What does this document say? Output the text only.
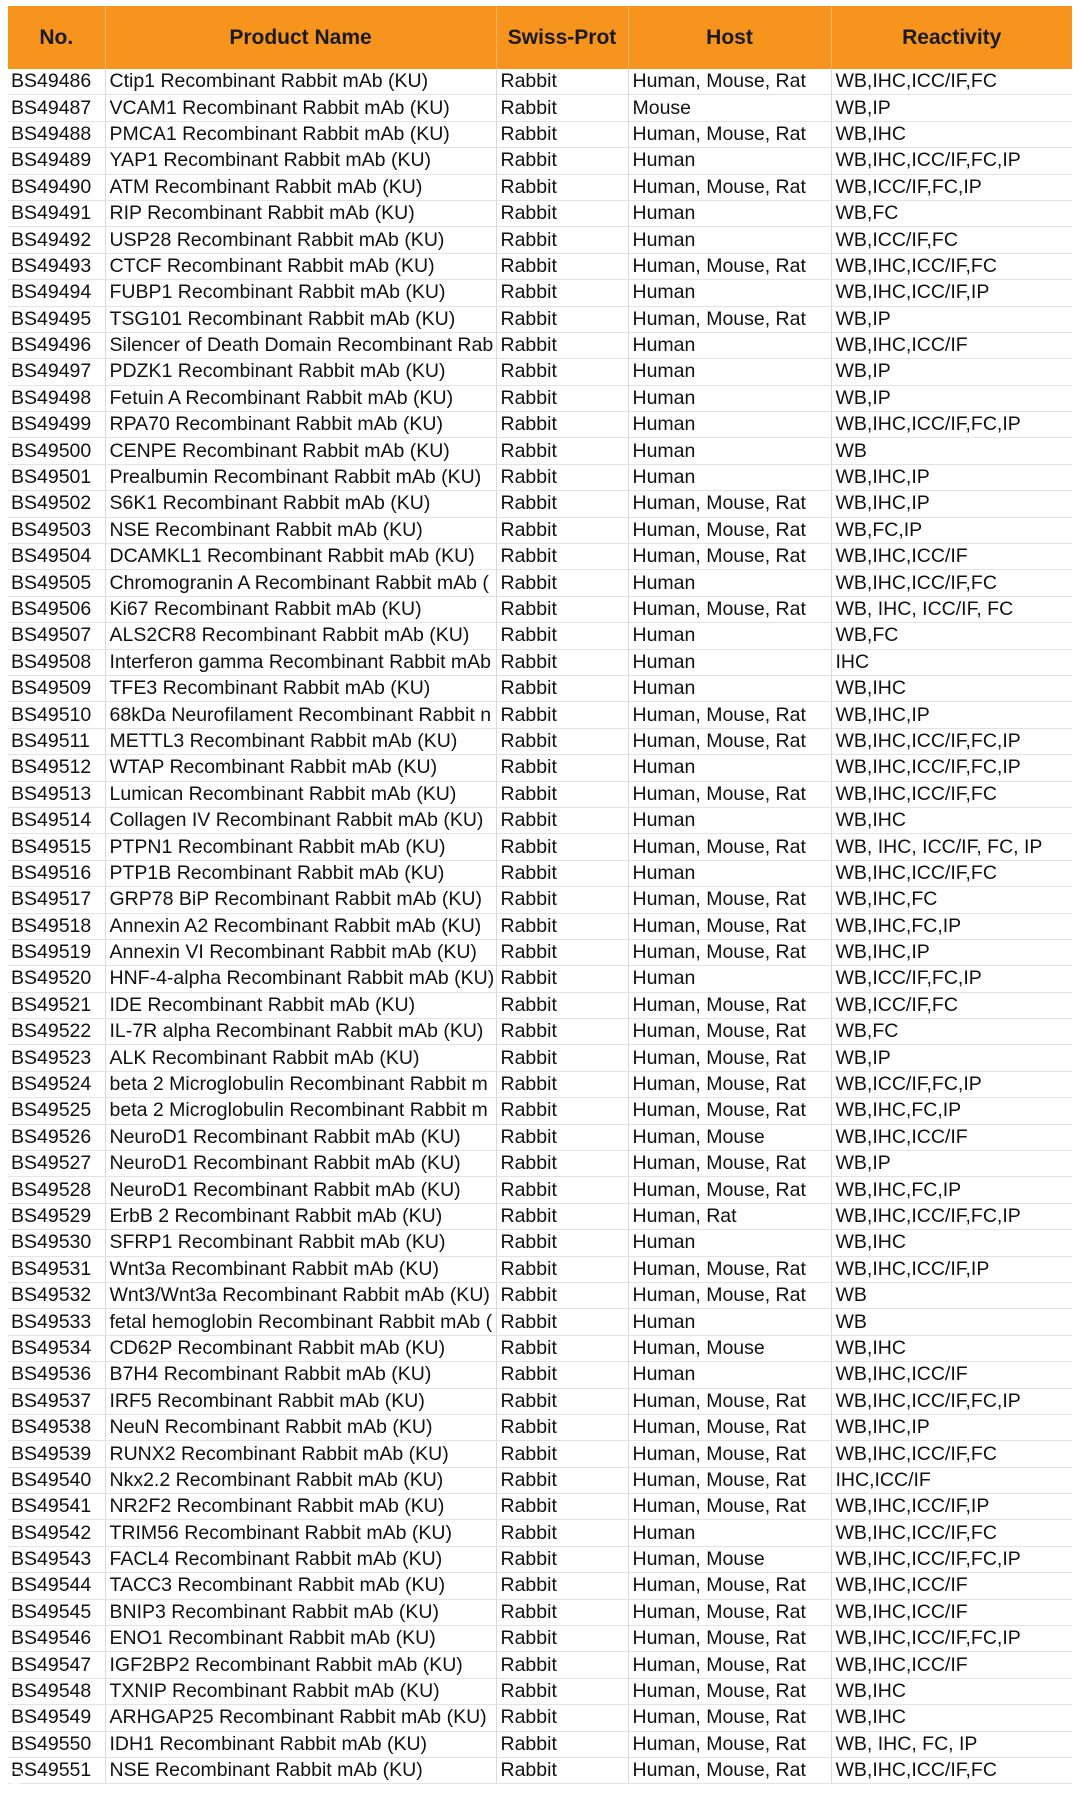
No.	Product Name	Swiss-Prot	Host	Reactivity
BS49486	Ctip1 Recombinant Rabbit mAb (KU)	Rabbit	Human, Mouse, Rat	WB,IHC,ICC/IF,FC
BS49487	VCAM1 Recombinant Rabbit mAb (KU)	Rabbit	Mouse	WB,IP
BS49488	PMCA1 Recombinant Rabbit mAb (KU)	Rabbit	Human, Mouse, Rat	WB,IHC
BS49489	YAP1 Recombinant Rabbit mAb (KU)	Rabbit	Human	WB,IHC,ICC/IF,FC,IP
BS49490	ATM Recombinant Rabbit mAb (KU)	Rabbit	Human, Mouse, Rat	WB,ICC/IF,FC,IP
BS49491	RIP Recombinant Rabbit mAb (KU)	Rabbit	Human	WB,FC
BS49492	USP28 Recombinant Rabbit mAb (KU)	Rabbit	Human	WB,ICC/IF,FC
BS49493	CTCF Recombinant Rabbit mAb (KU)	Rabbit	Human, Mouse, Rat	WB,IHC,ICC/IF,FC
BS49494	FUBP1 Recombinant Rabbit mAb (KU)	Rabbit	Human	WB,IHC,ICC/IF,IP
BS49495	TSG101 Recombinant Rabbit mAb (KU)	Rabbit	Human, Mouse, Rat	WB,IP
BS49496	Silencer of Death Domain Recombinant Rab	Rabbit	Human	WB,IHC,ICC/IF
BS49497	PDZK1 Recombinant Rabbit mAb (KU)	Rabbit	Human	WB,IP
BS49498	Fetuin A Recombinant Rabbit mAb (KU)	Rabbit	Human	WB,IP
BS49499	RPA70 Recombinant Rabbit mAb (KU)	Rabbit	Human	WB,IHC,ICC/IF,FC,IP
BS49500	CENPE Recombinant Rabbit mAb (KU)	Rabbit	Human	WB
BS49501	Prealbumin Recombinant Rabbit mAb (KU)	Rabbit	Human	WB,IHC,IP
BS49502	S6K1 Recombinant Rabbit mAb (KU)	Rabbit	Human, Mouse, Rat	WB,IHC,IP
BS49503	NSE Recombinant Rabbit mAb (KU)	Rabbit	Human, Mouse, Rat	WB,FC,IP
BS49504	DCAMKL1 Recombinant Rabbit mAb (KU)	Rabbit	Human, Mouse, Rat	WB,IHC,ICC/IF
BS49505	Chromogranin A Recombinant Rabbit mAb (	Rabbit	Human	WB,IHC,ICC/IF,FC
BS49506	Ki67 Recombinant Rabbit mAb (KU)	Rabbit	Human, Mouse, Rat	WB, IHC, ICC/IF, FC
BS49507	ALS2CR8 Recombinant Rabbit mAb (KU)	Rabbit	Human	WB,FC
BS49508	Interferon gamma Recombinant Rabbit mAb	Rabbit	Human	IHC
BS49509	TFE3 Recombinant Rabbit mAb (KU)	Rabbit	Human	WB,IHC
BS49510	68kDa Neurofilament Recombinant Rabbit n	Rabbit	Human, Mouse, Rat	WB,IHC,IP
BS49511	METTL3 Recombinant Rabbit mAb (KU)	Rabbit	Human, Mouse, Rat	WB,IHC,ICC/IF,FC,IP
BS49512	WTAP Recombinant Rabbit mAb (KU)	Rabbit	Human	WB,IHC,ICC/IF,FC,IP
BS49513	Lumican Recombinant Rabbit mAb (KU)	Rabbit	Human, Mouse, Rat	WB,IHC,ICC/IF,FC
BS49514	Collagen IV Recombinant Rabbit mAb (KU)	Rabbit	Human	WB,IHC
BS49515	PTPN1 Recombinant Rabbit mAb (KU)	Rabbit	Human, Mouse, Rat	WB, IHC, ICC/IF, FC, IP
BS49516	PTP1B Recombinant Rabbit mAb (KU)	Rabbit	Human	WB,IHC,ICC/IF,FC
BS49517	GRP78 BiP Recombinant Rabbit mAb (KU)	Rabbit	Human, Mouse, Rat	WB,IHC,FC
BS49518	Annexin A2 Recombinant Rabbit mAb (KU)	Rabbit	Human, Mouse, Rat	WB,IHC,FC,IP
BS49519	Annexin VI Recombinant Rabbit mAb (KU)	Rabbit	Human, Mouse, Rat	WB,IHC,IP
BS49520	HNF-4-alpha Recombinant Rabbit mAb (KU)	Rabbit	Human	WB,ICC/IF,FC,IP
BS49521	IDE Recombinant Rabbit mAb (KU)	Rabbit	Human, Mouse, Rat	WB,ICC/IF,FC
BS49522	IL-7R alpha Recombinant Rabbit mAb (KU)	Rabbit	Human, Mouse, Rat	WB,FC
BS49523	ALK Recombinant Rabbit mAb (KU)	Rabbit	Human, Mouse, Rat	WB,IP
BS49524	beta 2 Microglobulin Recombinant Rabbit m	Rabbit	Human, Mouse, Rat	WB,ICC/IF,FC,IP
BS49525	beta 2 Microglobulin Recombinant Rabbit m	Rabbit	Human, Mouse, Rat	WB,IHC,FC,IP
BS49526	NeuroD1 Recombinant Rabbit mAb (KU)	Rabbit	Human, Mouse	WB,IHC,ICC/IF
BS49527	NeuroD1 Recombinant Rabbit mAb (KU)	Rabbit	Human, Mouse, Rat	WB,IP
BS49528	NeuroD1 Recombinant Rabbit mAb (KU)	Rabbit	Human, Mouse, Rat	WB,IHC,FC,IP
BS49529	ErbB 2 Recombinant Rabbit mAb (KU)	Rabbit	Human, Rat	WB,IHC,ICC/IF,FC,IP
BS49530	SFRP1 Recombinant Rabbit mAb (KU)	Rabbit	Human	WB,IHC
BS49531	Wnt3a Recombinant Rabbit mAb (KU)	Rabbit	Human, Mouse, Rat	WB,IHC,ICC/IF,IP
BS49532	Wnt3/Wnt3a Recombinant Rabbit mAb (KU)	Rabbit	Human, Mouse, Rat	WB
BS49533	fetal hemoglobin Recombinant Rabbit mAb (	Rabbit	Human	WB
BS49534	CD62P Recombinant Rabbit mAb (KU)	Rabbit	Human, Mouse	WB,IHC
BS49536	B7H4 Recombinant Rabbit mAb (KU)	Rabbit	Human	WB,IHC,ICC/IF
BS49537	IRF5 Recombinant Rabbit mAb (KU)	Rabbit	Human, Mouse, Rat	WB,IHC,ICC/IF,FC,IP
BS49538	NeuN Recombinant Rabbit mAb (KU)	Rabbit	Human, Mouse, Rat	WB,IHC,IP
BS49539	RUNX2 Recombinant Rabbit mAb (KU)	Rabbit	Human, Mouse, Rat	WB,IHC,ICC/IF,FC
BS49540	Nkx2.2 Recombinant Rabbit mAb (KU)	Rabbit	Human, Mouse, Rat	IHC,ICC/IF
BS49541	NR2F2 Recombinant Rabbit mAb (KU)	Rabbit	Human, Mouse, Rat	WB,IHC,ICC/IF,IP
BS49542	TRIM56 Recombinant Rabbit mAb (KU)	Rabbit	Human	WB,IHC,ICC/IF,FC
BS49543	FACL4 Recombinant Rabbit mAb (KU)	Rabbit	Human, Mouse	WB,IHC,ICC/IF,FC,IP
BS49544	TACC3 Recombinant Rabbit mAb (KU)	Rabbit	Human, Mouse, Rat	WB,IHC,ICC/IF
BS49545	BNIP3 Recombinant Rabbit mAb (KU)	Rabbit	Human, Mouse, Rat	WB,IHC,ICC/IF
BS49546	ENO1 Recombinant Rabbit mAb (KU)	Rabbit	Human, Mouse, Rat	WB,IHC,ICC/IF,FC,IP
BS49547	IGF2BP2 Recombinant Rabbit mAb (KU)	Rabbit	Human, Mouse, Rat	WB,IHC,ICC/IF
BS49548	TXNIP Recombinant Rabbit mAb (KU)	Rabbit	Human, Mouse, Rat	WB,IHC
BS49549	ARHGAP25 Recombinant Rabbit mAb (KU)	Rabbit	Human, Mouse, Rat	WB,IHC
BS49550	IDH1 Recombinant Rabbit mAb (KU)	Rabbit	Human, Mouse, Rat	WB, IHC, FC, IP
BS49551	NSE Recombinant Rabbit mAb (KU)	Rabbit	Human, Mouse, Rat	WB,IHC,ICC/IF,FC
